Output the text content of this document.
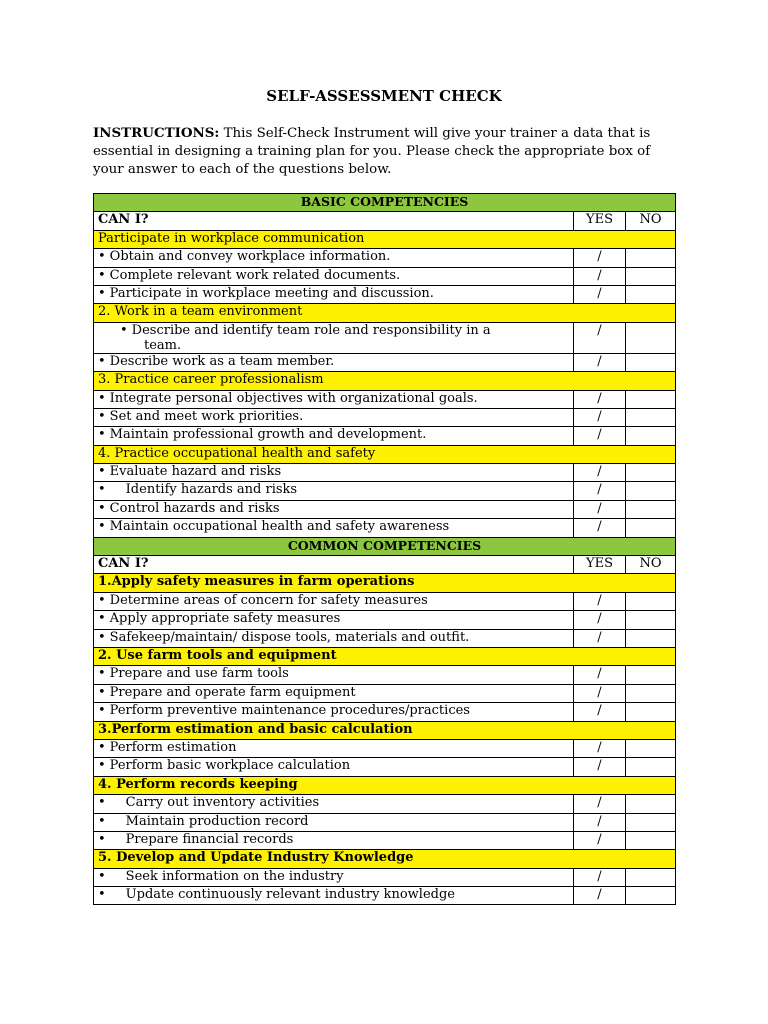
SELF-ASSESSMENT CHECK
INSTRUCTIONS: This Self-Check Instrument will give your trainer a data that is essential in designing a training plan for you. Please check the appropriate box of your answer to each of the questions below.
BASIC COMPETENCIES		
CAN I?	YES	NO
Participate in workplace communication		
• Obtain and convey workplace information.	/	
• Complete relevant work related documents.	/	
• Participate in workplace meeting and discussion.	/	
2. Work in a team environment		
• Describe and identify team role and responsibility in a
team.	/	
• Describe work as a team member.	/	
3. Practice career professionalism		
• Integrate personal objectives with organizational goals.	/	
• Set and meet work priorities.	/	
• Maintain professional growth and development.	/	
4. Practice occupational health and safety		
• Evaluate hazard and risks	/	
• Identify hazards and risks	/	
• Control hazards and risks	/	
• Maintain occupational health and safety awareness	/	
COMMON COMPETENCIES		
CAN I?	YES	NO
1.Apply safety measures in farm operations		
• Determine areas of concern for safety measures	/	
• Apply appropriate safety measures	/	
• Safekeep/maintain/ dispose tools, materials and outfit.	/	
2. Use farm tools and equipment		
• Prepare and use farm tools	/	
• Prepare and operate farm equipment	/	
• Perform preventive maintenance procedures/practices	/	
3.Perform estimation and basic calculation		
• Perform estimation	/	
• Perform basic workplace calculation	/	
4. Perform records keeping		
• Carry out inventory activities	/	
• Maintain production record	/	
• Prepare financial records	/	
5. Develop and Update Industry Knowledge		
• Seek information on the industry	/	
• Update continuously relevant industry knowledge	/	
